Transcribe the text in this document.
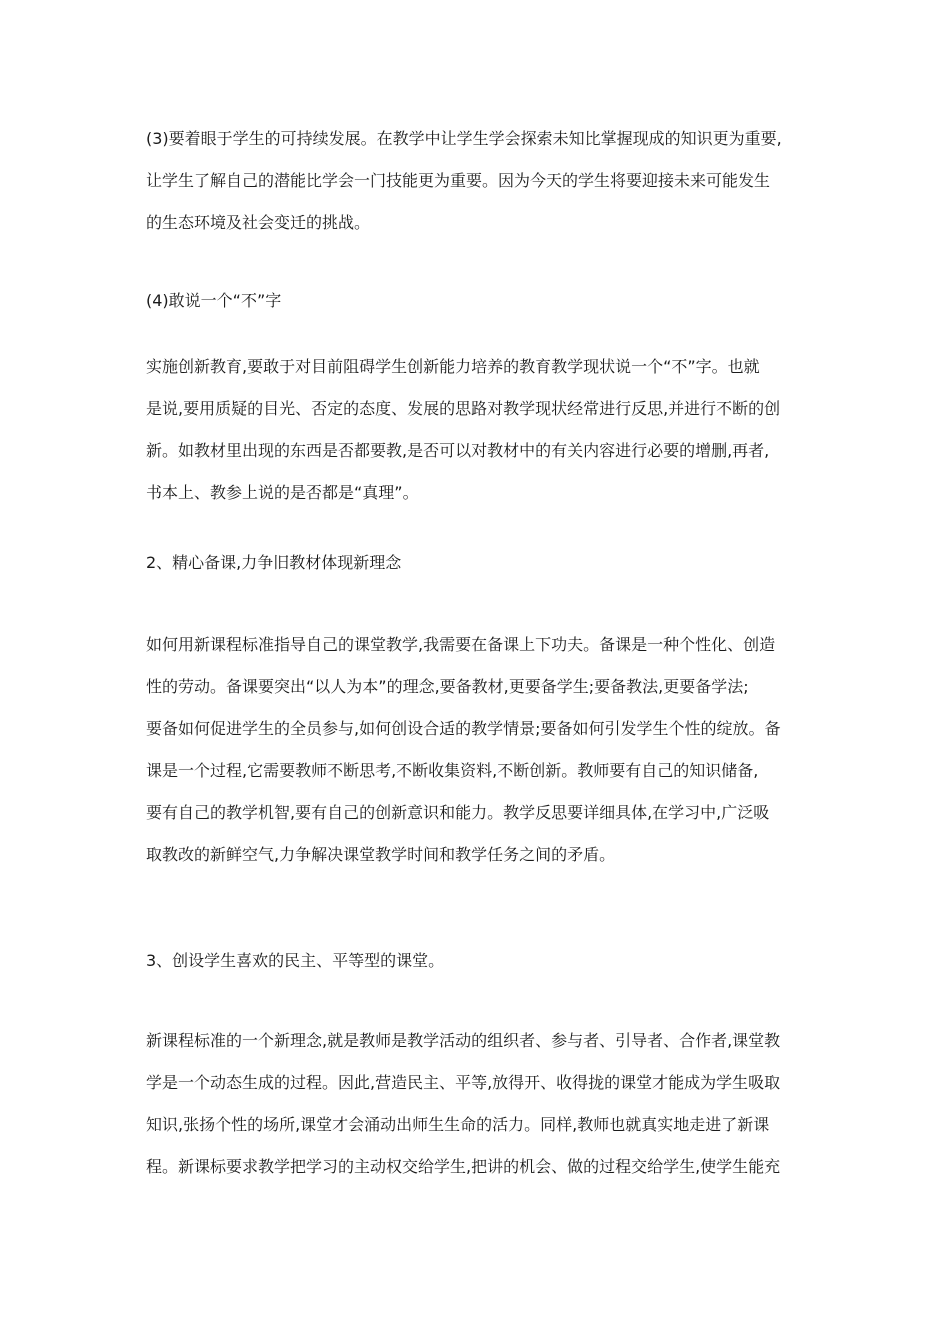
(3)要着眼于学生的可持续发展。在教学中让学生学会探索未知比掌握现成的知识更为重要,
让学生了解自己的潜能比学会一门技能更为重要。因为今天的学生将要迎接未来可能发生
的生态环境及社会变迁的挑战。
(4)敢说一个“不”字
实施创新教育,要敢于对目前阻碍学生创新能力培养的教育教学现状说一个“不”字。也就
是说,要用质疑的目光、否定的态度、发展的思路对教学现状经常进行反思,并进行不断的创
新。如教材里出现的东西是否都要教,是否可以对教材中的有关内容进行必要的增删,再者,
书本上、教参上说的是否都是“真理”。
2、精心备课,力争旧教材体现新理念
如何用新课程标准指导自己的课堂教学,我需要在备课上下功夫。备课是一种个性化、创造
性的劳动。备课要突出“以人为本”的理念,要备教材,更要备学生;要备教法,更要备学法;
要备如何促进学生的全员参与,如何创设合适的教学情景;要备如何引发学生个性的绽放。备
课是一个过程,它需要教师不断思考,不断收集资料,不断创新。教师要有自己的知识储备,
要有自己的教学机智,要有自己的创新意识和能力。教学反思要详细具体,在学习中,广泛吸
取教改的新鲜空气,力争解决课堂教学时间和教学任务之间的矛盾。
3、创设学生喜欢的民主、平等型的课堂。
新课程标准的一个新理念,就是教师是教学活动的组织者、参与者、引导者、合作者,课堂教
学是一个动态生成的过程。因此,营造民主、平等,放得开、收得拢的课堂才能成为学生吸取
知识,张扬个性的场所,课堂才会涌动出师生生命的活力。同样,教师也就真实地走进了新课
程。新课标要求教学把学习的主动权交给学生,把讲的机会、做的过程交给学生,使学生能充
